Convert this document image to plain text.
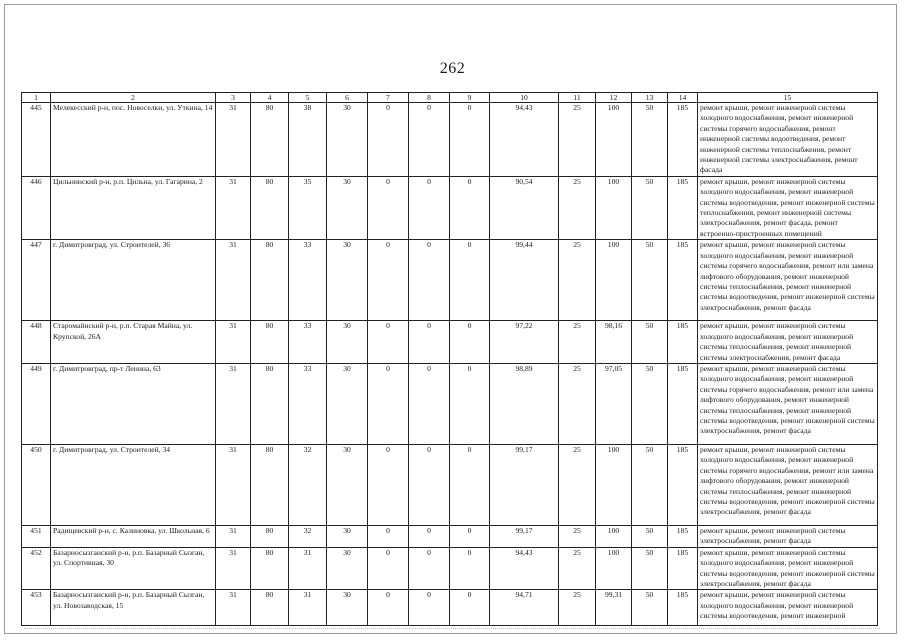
262
1	2	3	4	5	6	7	8	9	10	11	12	13	14	15
445	Мелекесский р-н, пос. Новоселки, ул. Уткина, 14	31	80	38	30	0	0	0	94,43	25	100	50	185	ремонт крыши, ремонт инженерной системы холодного водоснабжения, ремонт инженерной системы горячего водоснабжения, ремонт инженерной системы водоотведения, ремонт инженерной системы теплоснабжения, ремонт инженерной системы электроснабжения, ремонт фасада
446	Цильнинский р-н, р.п. Цильна, ул. Гагарина, 2	31	80	35	30	0	0	0	90,54	25	100	50	185	ремонт крыши, ремонт инженерной системы холодного водоснабжения, ремонт инженерной системы водоотведения, ремонт инженерной системы теплоснабжения, ремонт инженерной системы электроснабжения, ремонт фасада, ремонт встроенно-пристроенных помещений
447	г. Димитровград, ул. Строителей, 36	31	80	33	30	0	0	0	99,44	25	100	50	185	ремонт крыши, ремонт инженерной системы холодного водоснабжения, ремонт инженерной системы горячего водоснабжения, ремонт или замена лифтового оборудования, ремонт инженерной системы теплоснабжения, ремонт инженерной системы водоотведения, ремонт инженерной системы электроснабжения, ремонт фасада
448	Старомайнский р-н, р.п. Старая Майна, ул. Крупской, 26А	31	80	33	30	0	0	0	97,22	25	98,16	50	185	ремонт крыши, ремонт инженерной системы холодного водоснабжения, ремонт инженерной системы теплоснабжения, ремонт инженерной системы электроснабжения, ремонт фасада
449	г. Димитровград, пр-т Ленина, 63	31	80	33	30	0	0	0	98,89	25	97,05	50	185	ремонт крыши, ремонт инженерной системы холодного водоснабжения, ремонт инженерной системы горячего водоснабжения, ремонт или замена лифтового оборудования, ремонт инженерной системы теплоснабжения, ремонт инженерной системы водоотведения, ремонт инженерной системы электроснабжения, ремонт фасада
450	г. Димитровград, ул. Строителей, 34	31	80	32	30	0	0	0	99,17	25	100	50	185	ремонт крыши, ремонт инженерной системы холодного водоснабжения, ремонт инженерной системы горячего водоснабжения, ремонт или замена лифтового оборудования, ремонт инженерной системы теплоснабжения, ремонт инженерной системы водоотведения, ремонт инженерной системы электроснабжения, ремонт фасада
451	Радищевский р-н, с. Калиновка, ул. Школьная, 6	31	80	32	30	0	0	0	99,17	25	100	50	185	ремонт крыши, ремонт инженерной системы электроснабжения, ремонт фасада
452	Базарносызганский р-н, р.п. Базарный Сызган, ул. Спортивная, 30	31	80	31	30	0	0	0	94,43	25	100	50	185	ремонт крыши, ремонт инженерной системы холодного водоснабжения, ремонт инженерной системы водоотведения, ремонт инженерной системы электроснабжения, ремонт фасада
453	Базарносызганский р-н, р.п. Базарный Сызган, ул. Новозаводская, 15	31	80	31	30	0	0	0	94,71	25	99,31	50	185	ремонт крыши, ремонт инженерной системы холодного водоснабжения, ремонт инженерной системы водоотведения, ремонт инженерной
